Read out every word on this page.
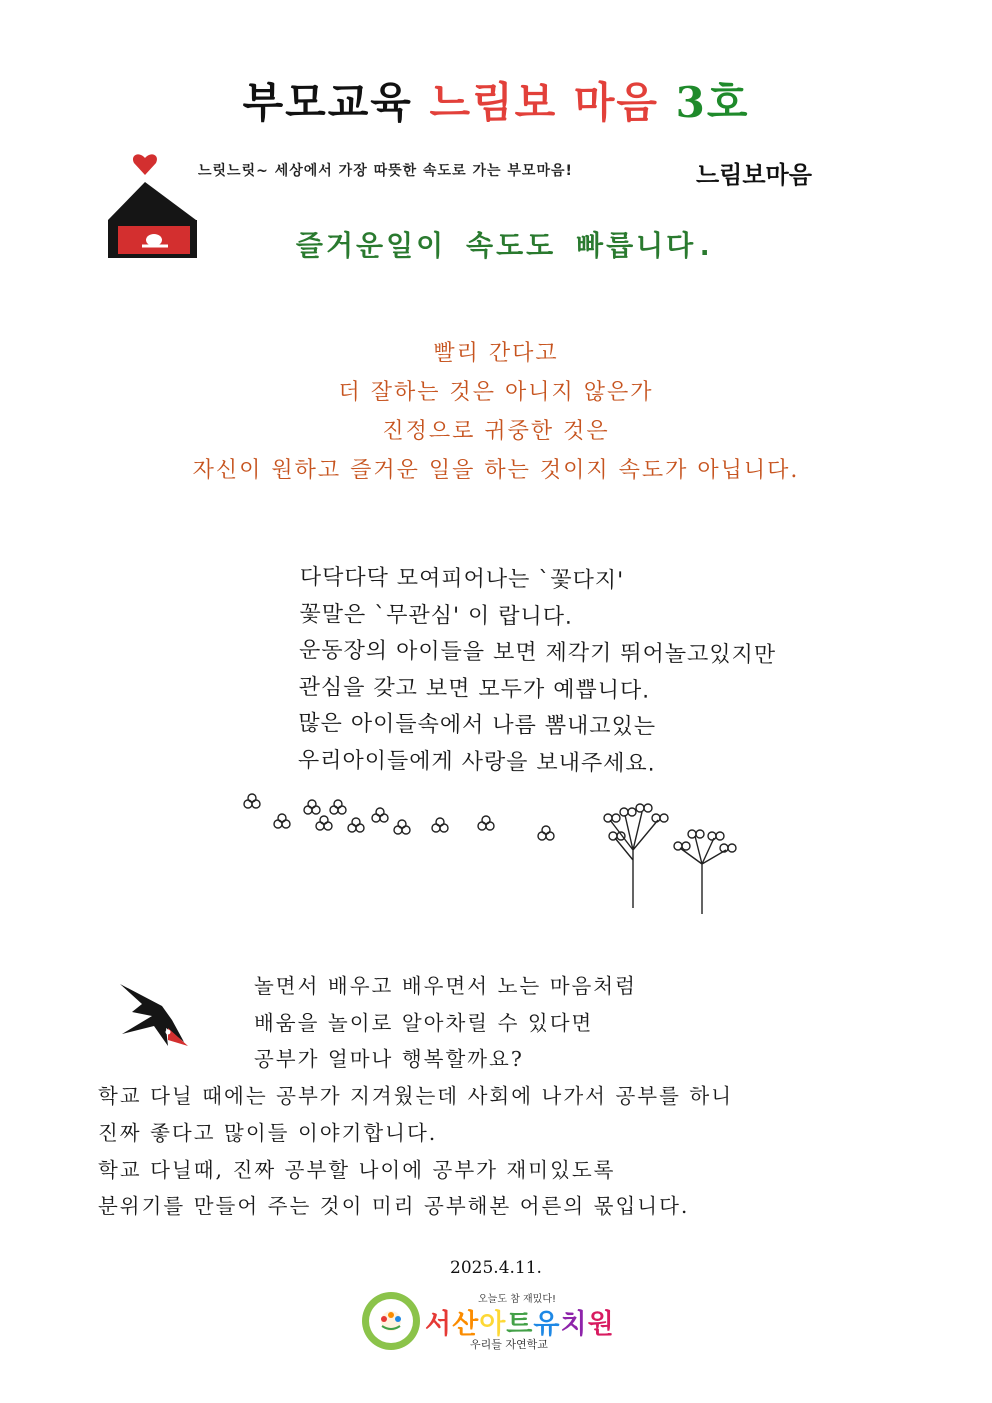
부모교육 느림보 마음 3호
느릿느릿~ 세상에서 가장 따뜻한 속도로 가는 부모마음!	느림보마음
즐거운일이 속도도 빠릅니다.
빨리 간다고
더 잘하는 것은 아니지 않은가
진정으로 귀중한 것은
자신이 원하고 즐거운 일을 하는 것이지 속도가 아닙니다.
다닥다닥 모여피어나는 `꽃다지'
꽃말은 `무관심' 이 랍니다.
운동장의 아이들을 보면 제각기 뛰어놀고있지만
관심을 갖고 보면 모두가 예쁩니다.
많은 아이들속에서 나름 뽐내고있는
우리아이들에게 사랑을 보내주세요.
놀면서 배우고 배우면서 노는 마음처럼
배움을 놀이로 알아차릴 수 있다면
공부가 얼마나 행복할까요?
학교 다닐 때에는 공부가 지겨웠는데 사회에 나가서 공부를 하니
진짜 좋다고 많이들 이야기합니다.
학교 다닐때, 진짜 공부할 나이에 공부가 재미있도록
분위기를 만들어 주는 것이 미리 공부해본 어른의 몫입니다.
2025.4.11.
오늘도 참 재밌다!
서산아트유치원
우리들 자연학교
